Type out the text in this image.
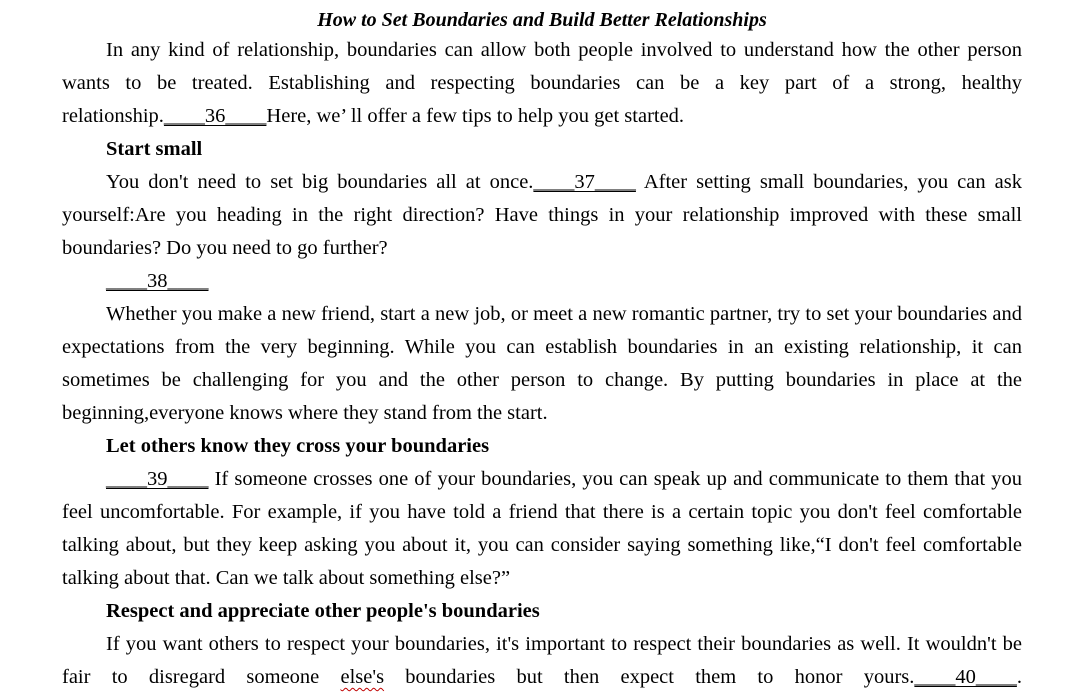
How to Set Boundaries and Build Better Relationships

In any kind of relationship, boundaries can allow both people involved to understand how the other person wants to be treated. Establishing and respecting boundaries can be a key part of a strong, healthy relationship.____36____Here, we’ ll offer a few tips to help you get started.

Start small

You don't need to set big boundaries all at once.____37____ After setting small boundaries, you can ask yourself:Are you heading in the right direction? Have things in your relationship improved with these small boundaries? Do you need to go further?

____38____

Whether you make a new friend, start a new job, or meet a new romantic partner, try to set your boundaries and expectations from the very beginning. While you can establish boundaries in an existing relationship, it can sometimes be challenging for you and the other person to change. By putting boundaries in place at the beginning,everyone knows where they stand from the start.

Let others know they cross your boundaries

____39____ If someone crosses one of your boundaries, you can speak up and communicate to them that you feel uncomfortable. For example, if you have told a friend that there is a certain topic you don't feel comfortable talking about, but they keep asking you about it, you can consider saying something like,“I don't feel comfortable talking about that. Can we talk about something else?”

Respect and appreciate other people's boundaries

If you want others to respect your boundaries, it's important to respect their boundaries as well. It wouldn't be fair to disregard someone else's boundaries but then expect them to honor yours.____40____.
